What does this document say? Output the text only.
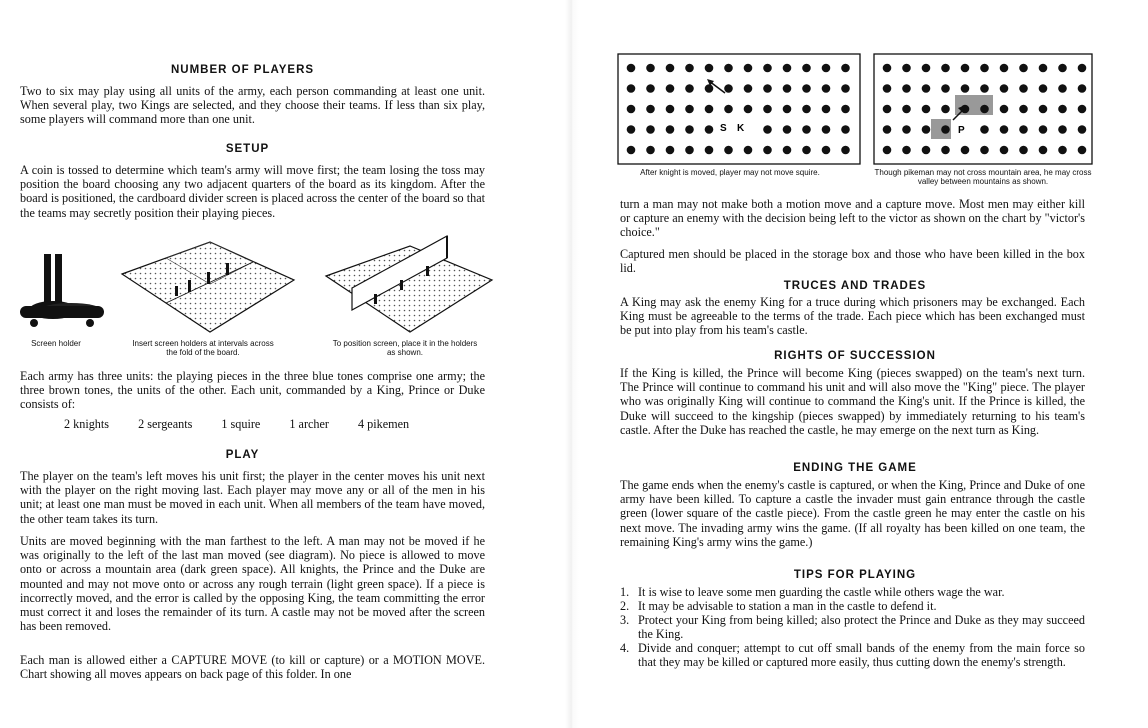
NUMBER OF PLAYERS

Two to six may play using all units of the army, each person commanding at least one unit. When several play, two Kings are selected, and they choose their teams. If less than six play, some players will command more than one unit.

SETUP

A coin is tossed to determine which team's army will move first; the team losing the toss may position the board choosing any two adjacent quarters of the board as its kingdom. After the board is positioned, the cardboard divider screen is placed across the center of the board so that the teams may secretly position their playing pieces.

Screen holder	Insert screen holders at intervals across the fold of the board.
To position screen, place it in the holders as shown.

Each army has three units: the playing pieces in the three blue tones comprise one army; the three brown tones, the units of the other. Each unit, commanded by a King, Prince or Duke consists of:

2 knights 2 sergeants 1 squire 1 archer 4 pikemen
PLAY

The player on the team's left moves his unit first; the player in the center moves his unit next with the player on the right moving last. Each player may move any or all of the men in his unit; at least one man must be moved in each unit. When all members of the team have moved, the other team takes its turn.

Units are moved beginning with the man farthest to the left. A man may not be moved if he was originally to the left of the last man moved (see diagram). No piece is allowed to move onto or across a mountain area (dark green space). All knights, the Prince and the Duke are mounted and may not move onto or across any rough terrain (light green space). If a piece is incorrectly moved, and the error is called by the opposing King, the team committing the error must correct it and loses the remainder of its turn. A castle may not be moved after the screen has been removed.

Each man is allowed either a CAPTURE MOVE (to kill or capture) or a MOTION MOVE. Chart showing all moves appears on back page of this folder. In one

S K
After knight is moved, player may not move squire.
P
Though pikeman may not cross mountain area, he may cross valley between mountains as shown.

turn a man may not make both a motion move and a capture move. Most men may either kill or capture an enemy with the decision being left to the victor as shown on the chart by "victor's choice."

Captured men should be placed in the storage box and those who have been killed in the box lid.

TRUCES AND TRADES

A King may ask the enemy King for a truce during which prisoners may be exchanged. Each King must be agreeable to the terms of the trade. Each piece which has been exchanged must be put into play from his team's castle.

RIGHTS OF SUCCESSION

If the King is killed, the Prince will become King (pieces swapped) on the team's next turn. The Prince will continue to command his unit and will also move the "King" piece. The player who was originally King will continue to command the King's unit. If the Prince is killed, the Duke will succeed to the kingship (pieces swapped) by immediately returning to his team's castle. After the Duke has reached the castle, he may emerge on the next turn as King.

ENDING THE GAME

The game ends when the enemy's castle is captured, or when the King, Prince and Duke of one army have been killed. To capture a castle the invader must gain entrance through the castle green (lower square of the castle piece). From the castle green he may enter the castle on his next move. The invading army wins the game. (If all royalty has been killed on one team, the remaining King's army wins the game.)

TIPS FOR PLAYING
1. It is wise to leave some men guarding the castle while others wage the war.
2. It may be advisable to station a man in the castle to defend it.
3. Protect your King from being killed; also protect the Prince and Duke as they may succeed the King.
4. Divide and conquer; attempt to cut off small bands of the enemy from the main force so that they may be killed or captured more easily, thus cutting down the enemy's strength.
